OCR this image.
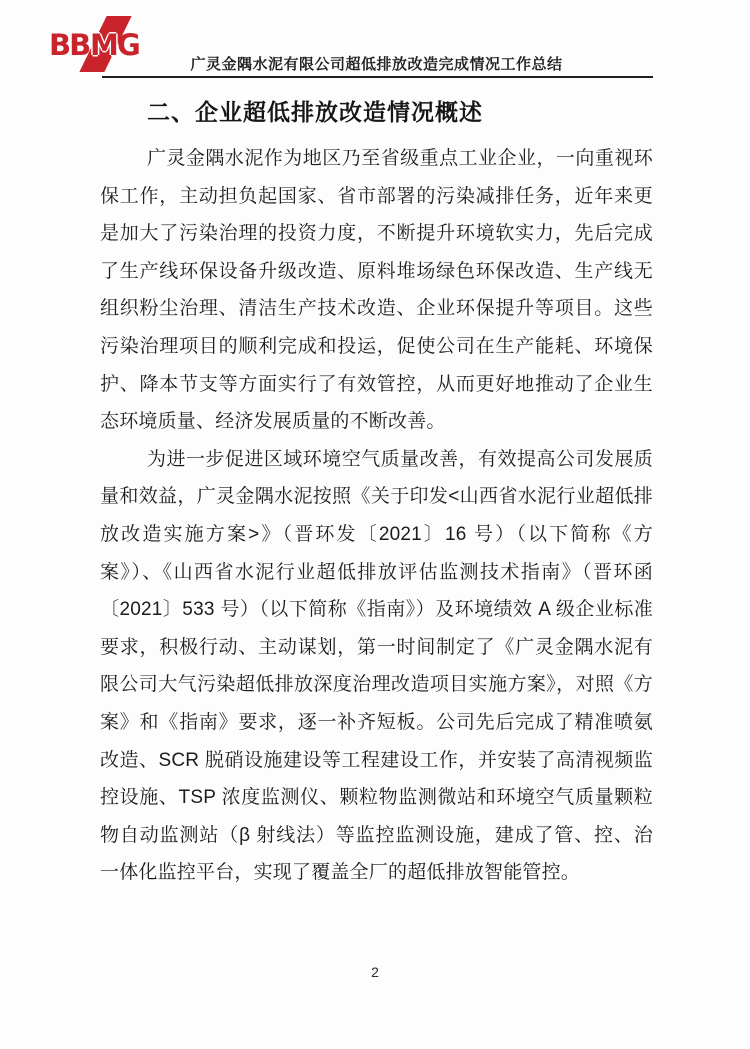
BB M
G
广灵金隅水泥有限公司超低排放改造完成情况工作总结
二、企业超低排放改造情况概述

广灵金隅水泥作为地区乃至省级重点工业企业，一向重视环保工作，主动担负起国家、省市部署的污染减排任务，近年来更是加大了污染治理的投资力度，不断提升环境软实力，先后完成了生产线环保设备升级改造、原料堆场绿色环保改造、生产线无组织粉尘治理、清洁生产技术改造、企业环保提升等项目。这些污染治理项目的顺利完成和投运，促使公司在生产能耗、环境保护、降本节支等方面实行了有效管控，从而更好地推动了企业生态环境质量、经济发展质量的不断改善。

为进一步促进区域环境空气质量改善，有效提高公司发展质量和效益，广灵金隅水泥按照《关于印发<山西省水泥行业超低排放改造实施方案>》（晋环发〔2021〕16 号）（以下简称《方案》）、《山西省水泥行业超低排放评估监测技术指南》（晋环函〔2021〕533 号）（以下简称《指南》）及环境绩效 A 级企业标准要求，积极行动、主动谋划，第一时间制定了《广灵金隅水泥有限公司大气污染超低排放深度治理改造项目实施方案》，对照《方案》和《指南》要求，逐一补齐短板。公司先后完成了精准喷氨改造、SCR 脱硝设施建设等工程建设工作，并安装了高清视频监控设施、TSP 浓度监测仪、颗粒物监测微站和环境空气质量颗粒物自动监测站（β 射线法）等监控监测设施，建成了管、控、治一体化监控平台，实现了覆盖全厂的超低排放智能管控。

2
